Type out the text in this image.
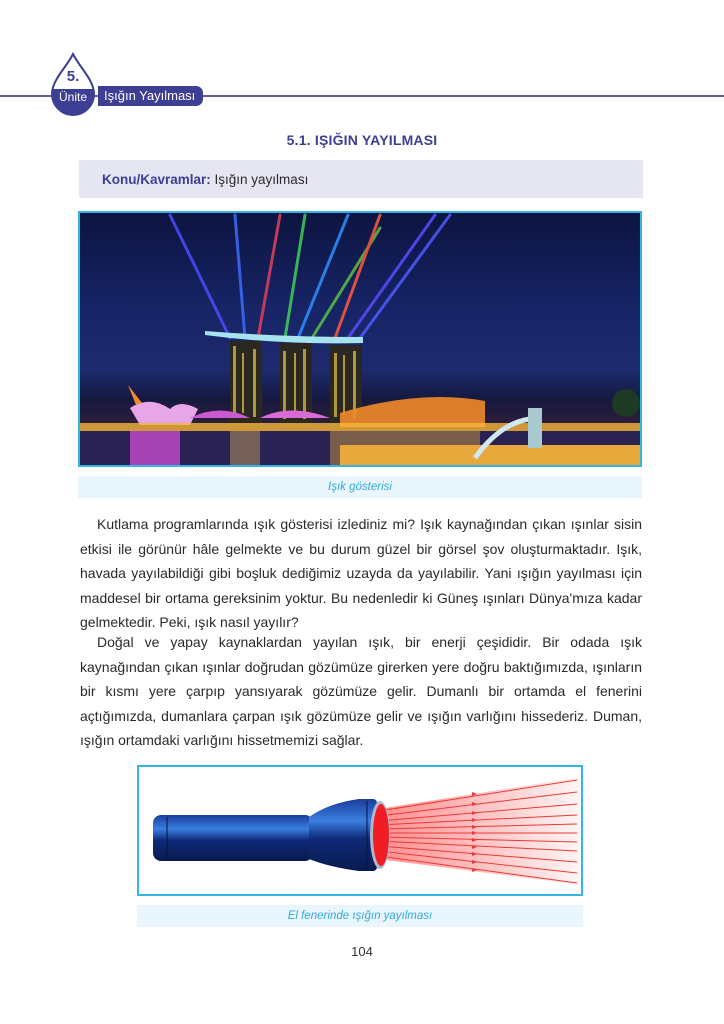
5.
Ünite	Işığın Yayılması
5.1. IŞIĞIN YAYILMASI
Konu/Kavramlar: Işığın yayılması
Işık gösterisi

Kutlama programlarında ışık gösterisi izlediniz mi? Işık kaynağından çıkan ışınlar sisin etkisi ile görünür hâle gelmekte ve bu durum güzel bir görsel şov oluşturmaktadır. Işık, havada yayılabildiği gibi boşluk dediğimiz uzayda da yayılabilir. Yani ışığın yayılması için maddesel bir ortama gereksinim yoktur. Bu nedenledir ki Güneş ışınları Dünya'mıza kadar gelmektedir. Peki, ışık nasıl yayılır?

Doğal ve yapay kaynaklardan yayılan ışık, bir enerji çeşididir. Bir odada ışık kaynağından çıkan ışınlar doğrudan gözümüze girerken yere doğru baktığımızda, ışınların bir kısmı yere çarpıp yansıyarak gözümüze gelir. Dumanlı bir ortamda el fenerini açtığımızda, dumanlara çarpan ışık gözümüze gelir ve ışığın varlığını hissederiz. Duman, ışığın ortamdaki varlığını hissetmemizi sağlar.

El fenerinde ışığın yayılması
104
